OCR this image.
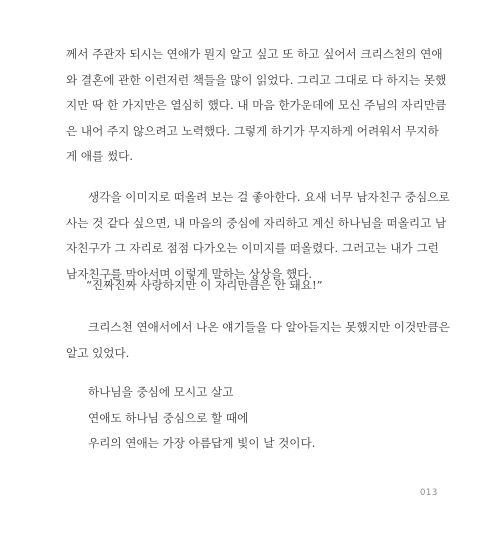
께서 주관자 되시는 연애가 뭔지 알고 싶고 또 하고 싶어서 크리스천의 연애
와 결혼에 관한 이런저런 책들을 많이 읽었다. 그리고 그대로 다 하지는 못했
지만 딱 한 가지만은 열심히 했다. 내 마음 한가운데에 모신 주님의 자리만큼
은 내어 주지 않으려고 노력했다. 그렇게 하기가 무지하게 어려워서 무지하
게 애를 썼다.

생각을 이미지로 떠올려 보는 걸 좋아한다. 요새 너무 남자친구 중심으로
사는 것 같다 싶으면, 내 마음의 중심에 자리하고 계신 하나님을 떠올리고 남
자친구가 그 자리로 점점 다가오는 이미지를 떠올렸다. 그러고는 내가 그런
남자친구를 막아서며 이렇게 말하는 상상을 했다.

“진짜진짜 사랑하지만 이 자리만큼은 안 돼요!”

크리스천 연애서에서 나온 얘기들을 다 알아듣지는 못했지만 이것만큼은
알고 있었다.

하나님을 중심에 모시고 살고
연애도 하나님 중심으로 할 때에
우리의 연애는 가장 아름답게 빛이 날 것이다.

013
